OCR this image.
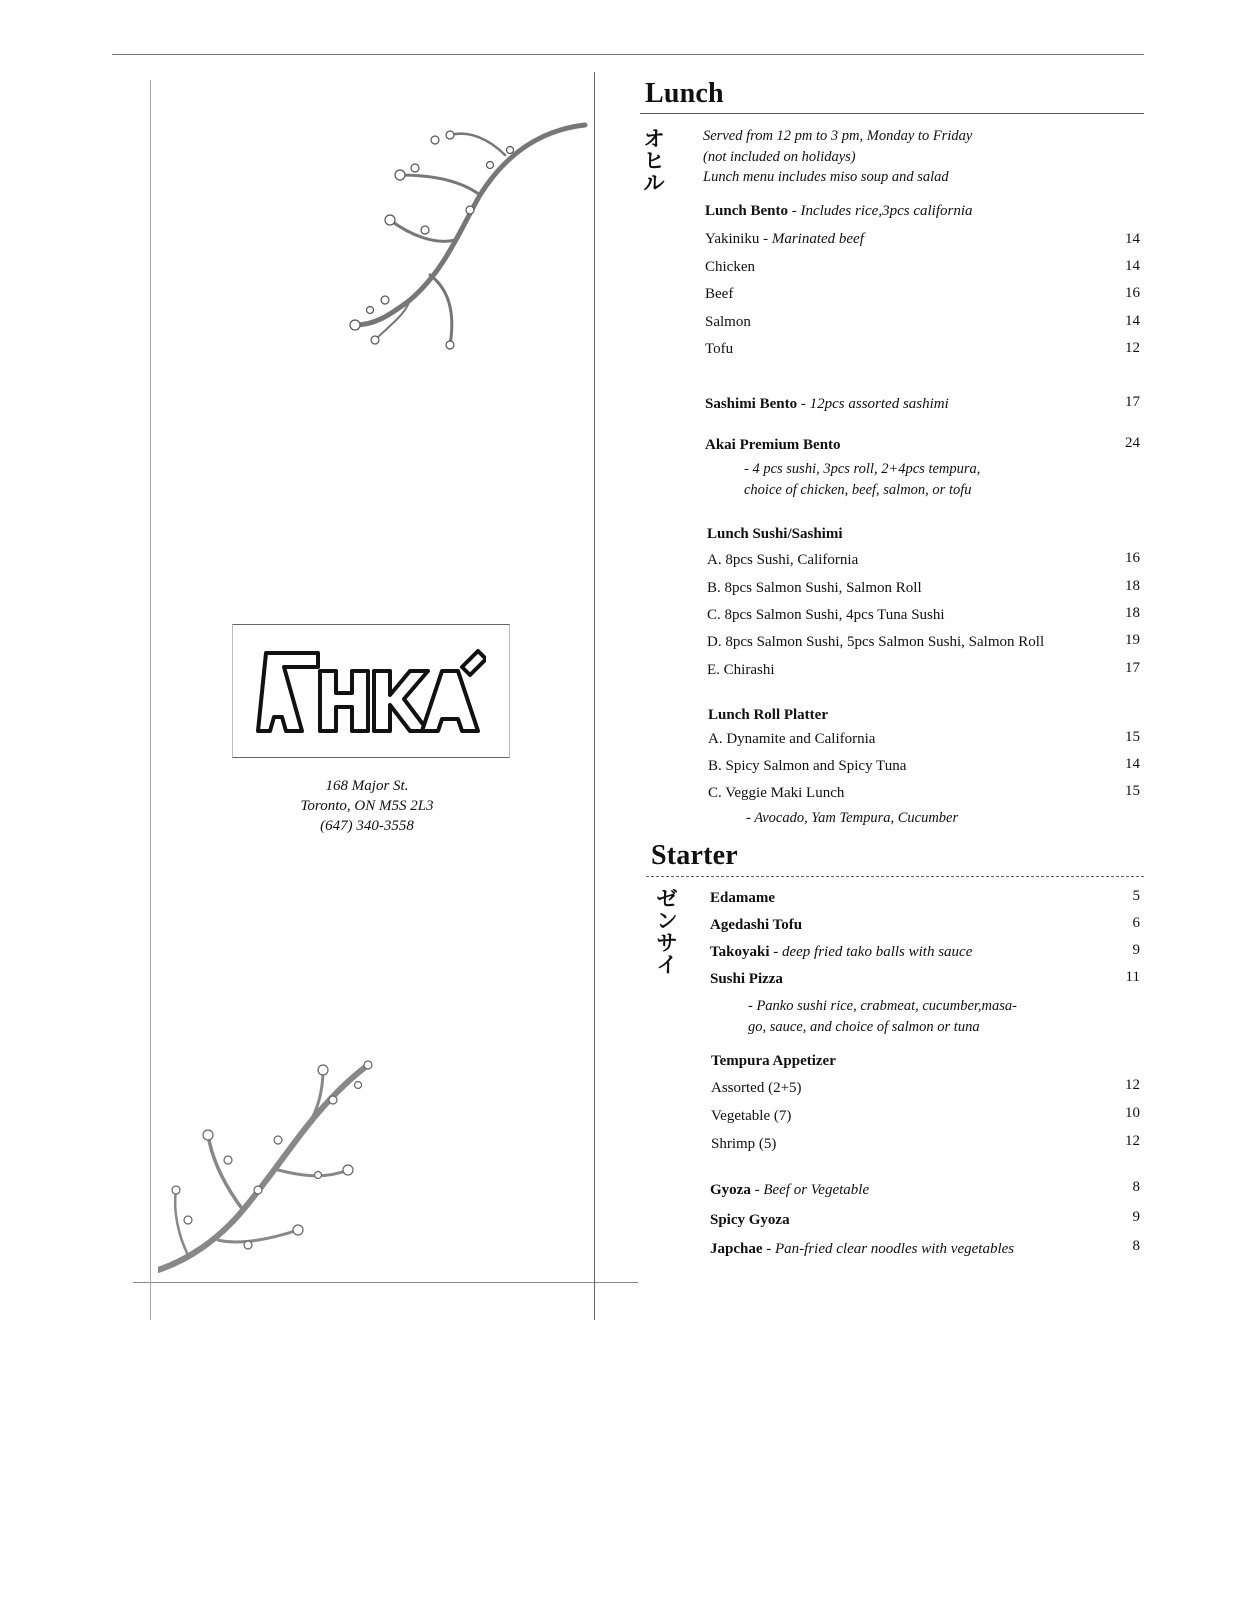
168 Major St.
Toronto, ON M5S 2L3
(647) 340-3558
Lunch
オ
ヒ
ル
Served from 12 pm to 3 pm, Monday to Friday
(not included on holidays)
Lunch menu includes miso soup and salad
Lunch Bento - Includes rice,3pcs california
Yakiniku - Marinated beef	14
Chicken	14
Beef	16
Salmon	14
Tofu	12
Sashimi Bento - 12pcs assorted sashimi	17
Akai Premium Bento	24
- 4 pcs sushi, 3pcs roll, 2+4pcs tempura,
choice of chicken, beef, salmon, or tofu
Lunch Sushi/Sashimi
A. 8pcs Sushi, California	16
B. 8pcs Salmon Sushi, Salmon Roll	18
C. 8pcs Salmon Sushi, 4pcs Tuna Sushi	18
D. 8pcs Salmon Sushi, 5pcs Salmon Sushi, Salmon Roll	19
E. Chirashi	17
Lunch Roll Platter
A. Dynamite and California	15
B. Spicy Salmon and Spicy Tuna	14
C. Veggie Maki Lunch	15
- Avocado, Yam Tempura, Cucumber
Starter
ゼ
ン
サ
イ
Edamame	5
Agedashi Tofu	6
Takoyaki - deep fried tako balls with sauce	9
Sushi Pizza	11
- Panko sushi rice, crabmeat, cucumber,masa-
go, sauce, and choice of salmon or tuna
Tempura Appetizer
Assorted (2+5)	12
Vegetable (7)	10
Shrimp (5)	12
Gyoza - Beef or Vegetable	8
Spicy Gyoza	9
Japchae - Pan-fried clear noodles with vegetables	8
